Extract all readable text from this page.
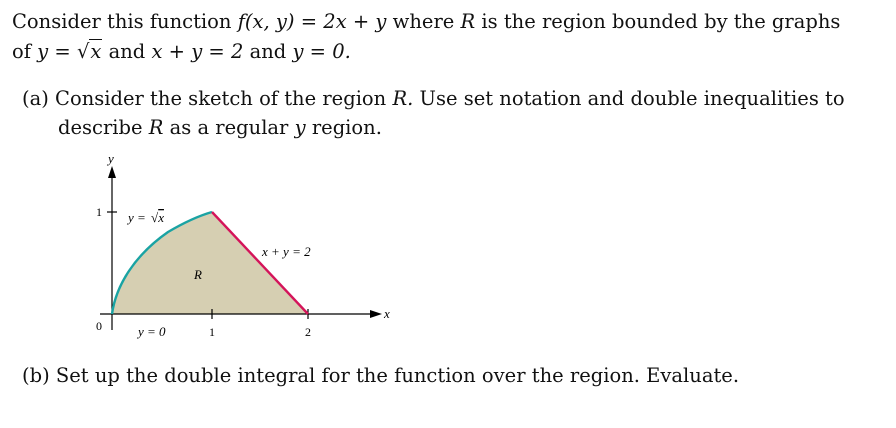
Consider this function f(x, y) = 2x + y where R is the region bounded by the graphs
of y = √x and x + y = 2 and y = 0.
(a) Consider the sketch of the region R. Use set notation and double inequalities to
describe R as a regular y region.
y
x
0
1
1	2
y = √x
x + y = 2
y = 0
R
(b) Set up the double integral for the function over the region. Evaluate.
